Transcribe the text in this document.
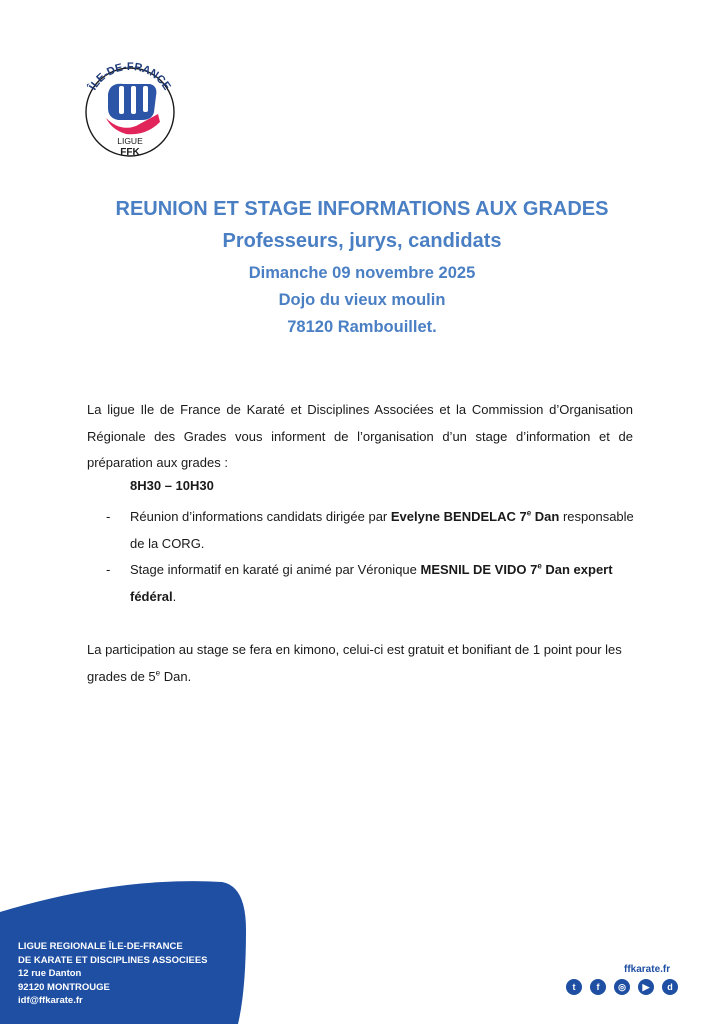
ÎLE-DE-FRANCE
LIGUE
FFK
REUNION ET STAGE INFORMATIONS AUX GRADES
Professeurs, jurys, candidats
Dimanche 09 novembre 2025
Dojo du vieux moulin
78120 Rambouillet.
La ligue Ile de France de Karaté et Disciplines Associées et la Commission d’Organisation Régionale des Grades vous informent de l’organisation d’un stage d’information et de préparation aux grades :
8H30 – 10H30
- Réunion d’informations candidats dirigée par Evelyne BENDELAC 7e Dan responsable de la CORG.
- Stage informatif en karaté gi animé par Véronique MESNIL DE VIDO 7e Dan expert fédéral.
La participation au stage se fera en kimono, celui-ci est gratuit et bonifiant de 1 point pour les grades de 5e Dan.
LIGUE REGIONALE ÎLE-DE-FRANCE
DE KARATE ET DISCIPLINES ASSOCIEES
12 rue Danton
92120 MONTROUGE
idf@ffkarate.fr
ffkarate.fr
t	f	◎	▶	d
